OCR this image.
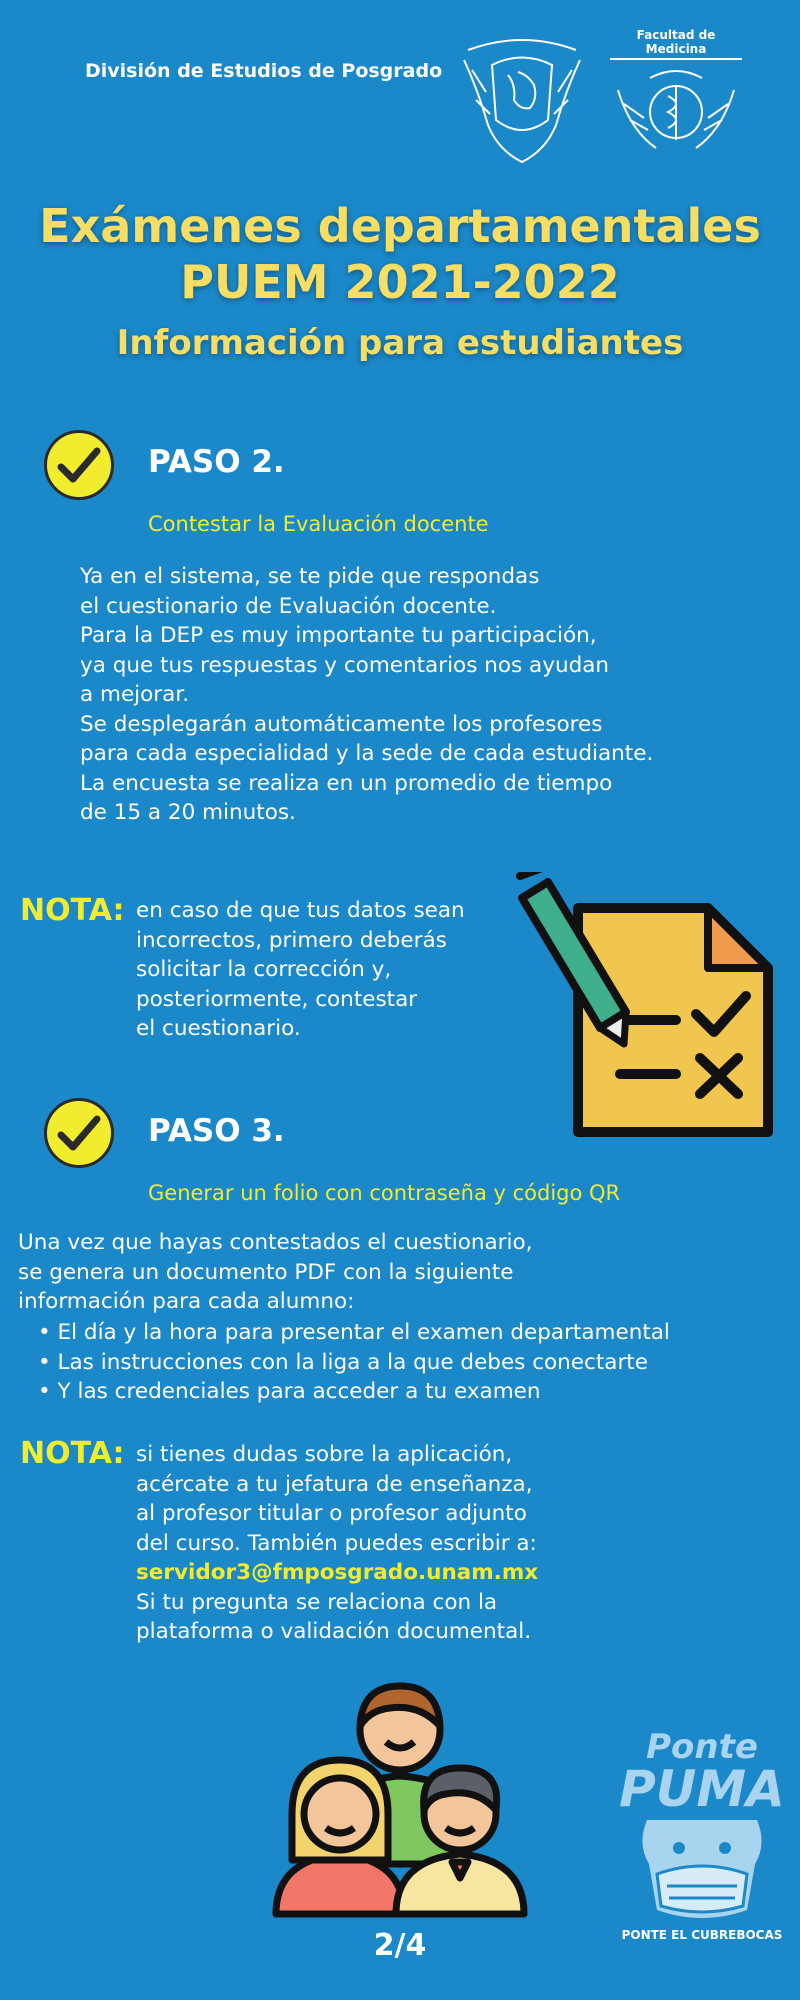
División de Estudios de Posgrado
Facultad de Medicina
Exámenes departamentales
PUEM 2021-2022
Información para estudiantes
PASO 2.
Contestar la Evaluación docente
Ya en el sistema, se te pide que respondas
el cuestionario de Evaluación docente.
Para la DEP es muy importante tu participación,
ya que tus respuestas y comentarios nos ayudan
a mejorar.
Se desplegarán automáticamente los profesores
para cada especialidad y la sede de cada estudiante.
La encuesta se realiza en un promedio de tiempo
de 15 a 20 minutos.
NOTA: en caso de que tus datos sean
incorrectos, primero deberás
solicitar la corrección y,
posteriormente, contestar
el cuestionario.
PASO 3.
Generar un folio con contraseña y código QR
Una vez que hayas contestados el cuestionario,
se genera un documento PDF con la siguiente
información para cada alumno:
• El día y la hora para presentar el examen departamental
• Las instrucciones con la liga a la que debes conectarte
• Y las credenciales para acceder a tu examen
NOTA: si tienes dudas sobre la aplicación,
acércate a tu jefatura de enseñanza,
al profesor titular o profesor adjunto
del curso. También puedes escribir a:
servidor3@fmposgrado.unam.mx
Si tu pregunta se relaciona con la
plataforma o validación documental.
Ponte
PUMA
PONTE EL CUBREBOCAS
2/4
